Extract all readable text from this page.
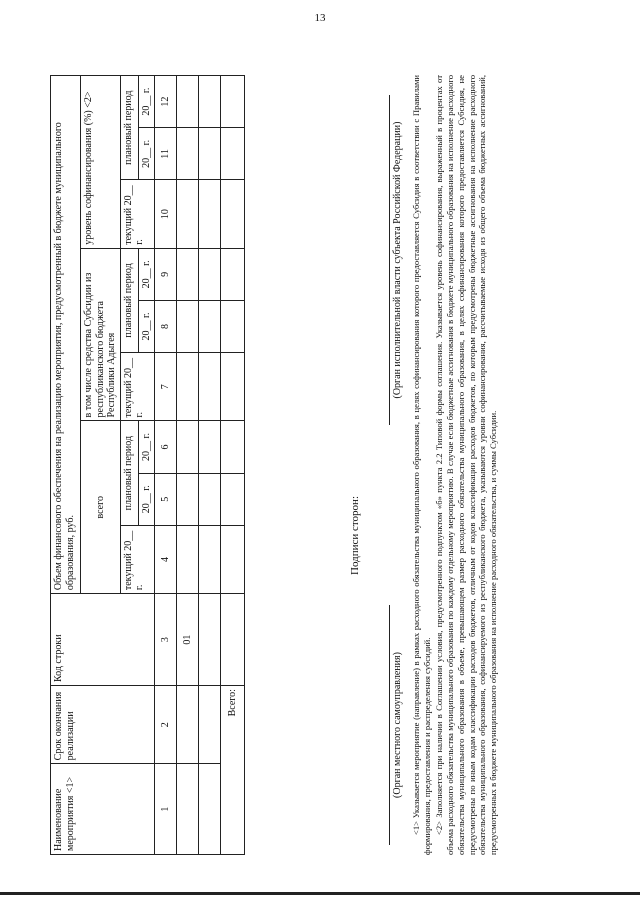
13
Наименование мероприятия <1>	Срок окончания реализации	Код строки	Объем финансового обеспечения на реализацию мероприятия, предусмотренный в бюджете муниципального образования, руб.								
			всего			в том числе средства Субсидии из республиканского бюджета Республики Адыгея			уровень софинансирования (%) <2>		
			текущий 20__ г.	плановый период		текущий 20__ г.	плановый период		текущий 20__ г.	плановый период	
				20__ г.	20__ г.		20__ г.	20__ г.		20__ г.	20__ г.
1	2	3	4	5	6	7	8	9	10	11	12
		01									

Всего:											
Подписи сторон:
(Орган местного самоуправления)
(Орган исполнительной власти субъекта Российской Федерации) <1> Указывается мероприятие (направление) в рамках расходного обязательства муниципального образования, в целях софинансирования которого предоставляется Субсидия в соответствии с Правилами формирования, предоставления и распределения субсидий. <2> Заполняется при наличии в Соглашении условия, предусмотренного подпунктом «б» пункта 2.2 Типовой формы соглашения. Указывается уровень софинансирования, выраженный в процентах от объема расходного обязательства муниципального образования по каждому отдельному мероприятию. В случае если бюджетные ассигнования в бюджете муниципального образования на исполнение расходного обязательства муниципального образования в объеме, превышающем размер расходного обязательства муниципального образования, в целях софинансирования которого предоставляется Субсидия, не предусмотрены по иным кодам классификации расходов бюджетов, отличным от кодов классификации расходов бюджетов, по которым предусмотрены бюджетные ассигнования на исполнение расходного обязательства муниципального образования, софинансируемого из республиканского бюджета, указываются уровни софинансирования, рассчитываемые исходя из общего объема бюджетных ассигнований, предусмотренных в бюджете муниципального образования на исполнение расходного обязательства, и суммы Субсидии.
